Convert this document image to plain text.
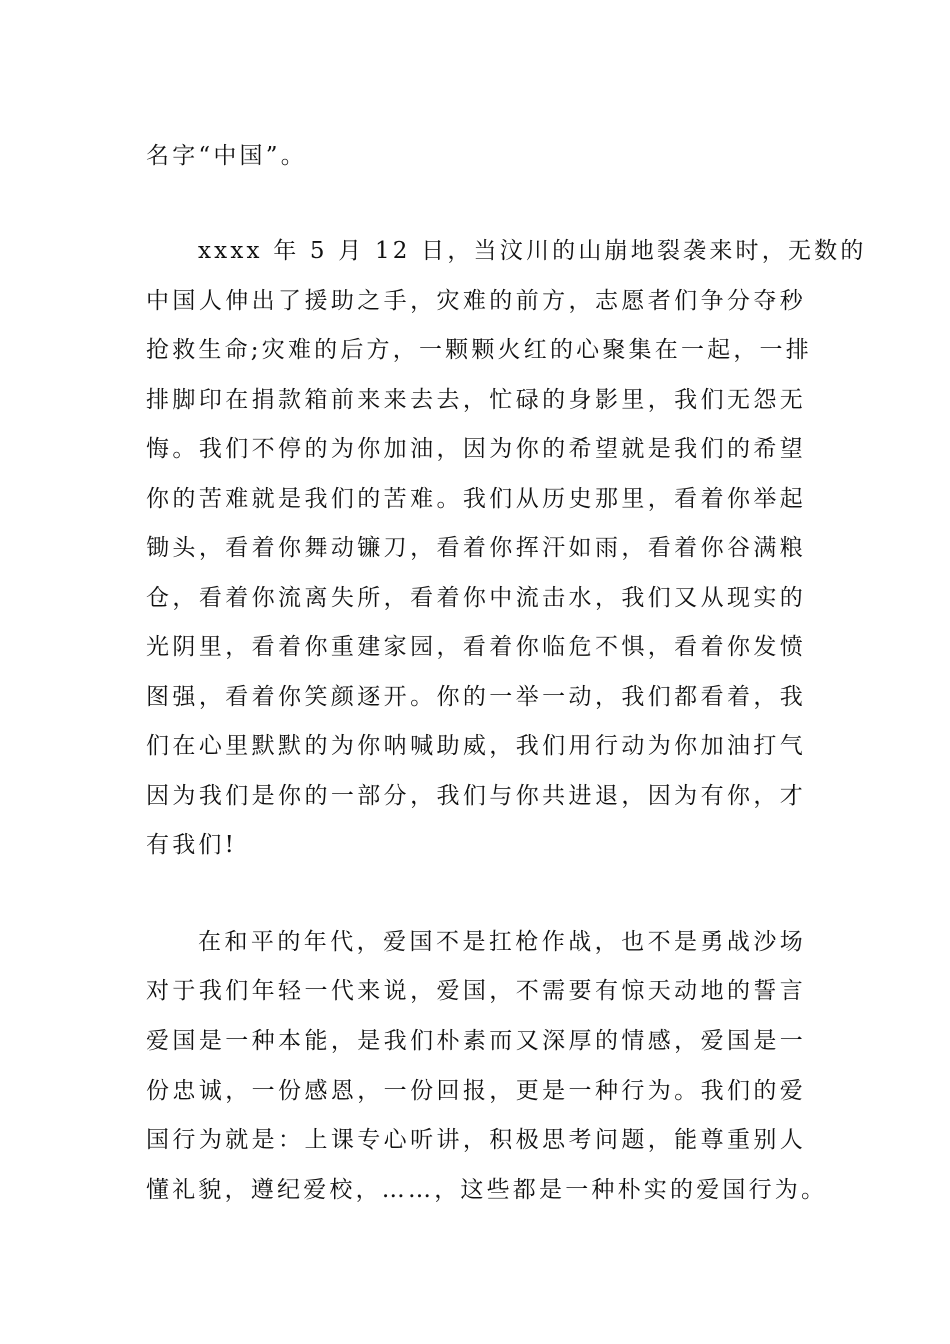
名字“中国”。
xxxx 年 5 月 12 日，当汶川的山崩地裂袭来时，无数的
中国人伸出了援助之手，灾难的前方，志愿者们争分夺秒
抢救生命;灾难的后方，一颗颗火红的心聚集在一起，一排
排脚印在捐款箱前来来去去，忙碌的身影里，我们无怨无
悔。我们不停的为你加油，因为你的希望就是我们的希望
你的苦难就是我们的苦难。我们从历史那里，看着你举起
锄头，看着你舞动镰刀，看着你挥汗如雨，看着你谷满粮
仓，看着你流离失所，看着你中流击水，我们又从现实的
光阴里，看着你重建家园，看着你临危不惧，看着你发愤
图强，看着你笑颜逐开。你的一举一动，我们都看着，我
们在心里默默的为你呐喊助威，我们用行动为你加油打气
因为我们是你的一部分，我们与你共进退，因为有你，才
有我们!
在和平的年代，爱国不是扛枪作战，也不是勇战沙场
对于我们年轻一代来说，爱国，不需要有惊天动地的誓言
爱国是一种本能，是我们朴素而又深厚的情感，爱国是一
份忠诚，一份感恩，一份回报，更是一种行为。我们的爱
国行为就是：上课专心听讲，积极思考问题，能尊重别人
懂礼貌，遵纪爱校，……，这些都是一种朴实的爱国行为。
